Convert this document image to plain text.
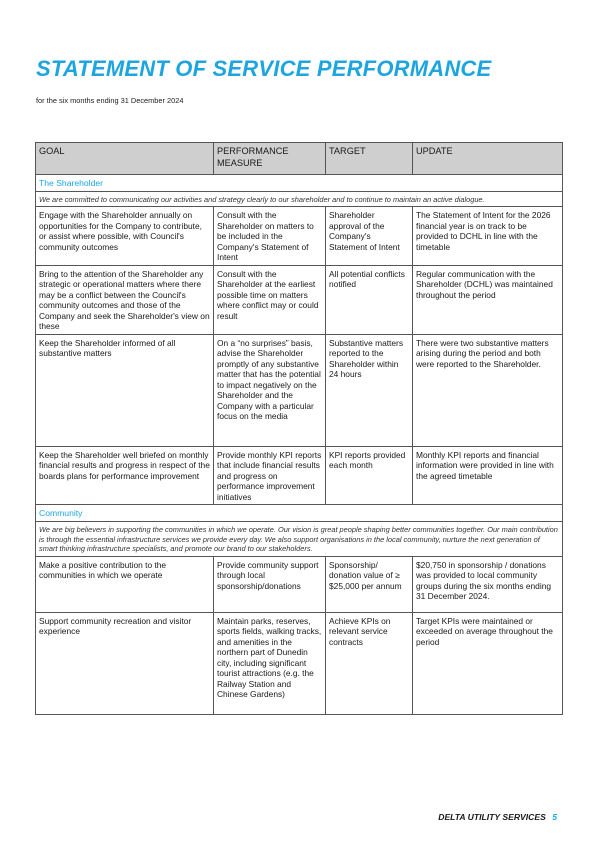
STATEMENT OF SERVICE PERFORMANCE

for the six months ending 31 December 2024

GOAL	PERFORMANCE MEASURE	TARGET	UPDATE
The Shareholder			
We are committed to communicating our activities and strategy clearly to our shareholder and to continue to maintain an active dialogue.			
Engage with the Shareholder annually on opportunities for the Company to contribute, or assist where possible, with Council's community outcomes	Consult with the Shareholder on matters to be included in the Company's Statement of Intent	Shareholder approval of the Company's Statement of Intent	The Statement of Intent for the 2026 financial year is on track to be provided to DCHL in line with the timetable
Bring to the attention of the Shareholder any strategic or operational matters where there may be a conflict between the Council's community outcomes and those of the Company and seek the Shareholder's view on these	Consult with the Shareholder at the earliest possible time on matters where conflict may or could result	All potential conflicts notified	Regular communication with the Shareholder (DCHL) was maintained throughout the period
Keep the Shareholder informed of all substantive matters	On a “no surprises” basis, advise the Shareholder promptly of any substantive matter that has the potential to impact negatively on the Shareholder and the Company with a particular focus on the media	Substantive matters reported to the Shareholder within 24 hours	There were two substantive matters arising during the period and both were reported to the Shareholder.
Keep the Shareholder well briefed on monthly financial results and progress in respect of the boards plans for performance improvement	Provide monthly KPI reports that include financial results and progress on performance improvement initiatives	KPI reports provided each month	Monthly KPI reports and financial information were provided in line with the agreed timetable
Community			
We are big believers in supporting the communities in which we operate. Our vision is great people shaping better communities together. Our main contribution is through the essential infrastructure services we provide every day. We also support organisations in the local community, nurture the next generation of smart thinking infrastructure specialists, and promote our brand to our stakeholders.			
Make a positive contribution to the communities in which we operate	Provide community support through local sponsorship/donations	Sponsorship/ donation value of ≥ $25,000 per annum	$20,750 in sponsorship / donations was provided to local community groups during the six months ending 31 December 2024.
Support community recreation and visitor experience	Maintain parks, reserves, sports fields, walking tracks, and amenities in the northern part of Dunedin city, including significant tourist attractions (e.g. the Railway Station and Chinese Gardens)	Achieve KPIs on relevant service contracts	Target KPIs were maintained or exceeded on average throughout the period
DELTA UTILITY SERVICES 5
